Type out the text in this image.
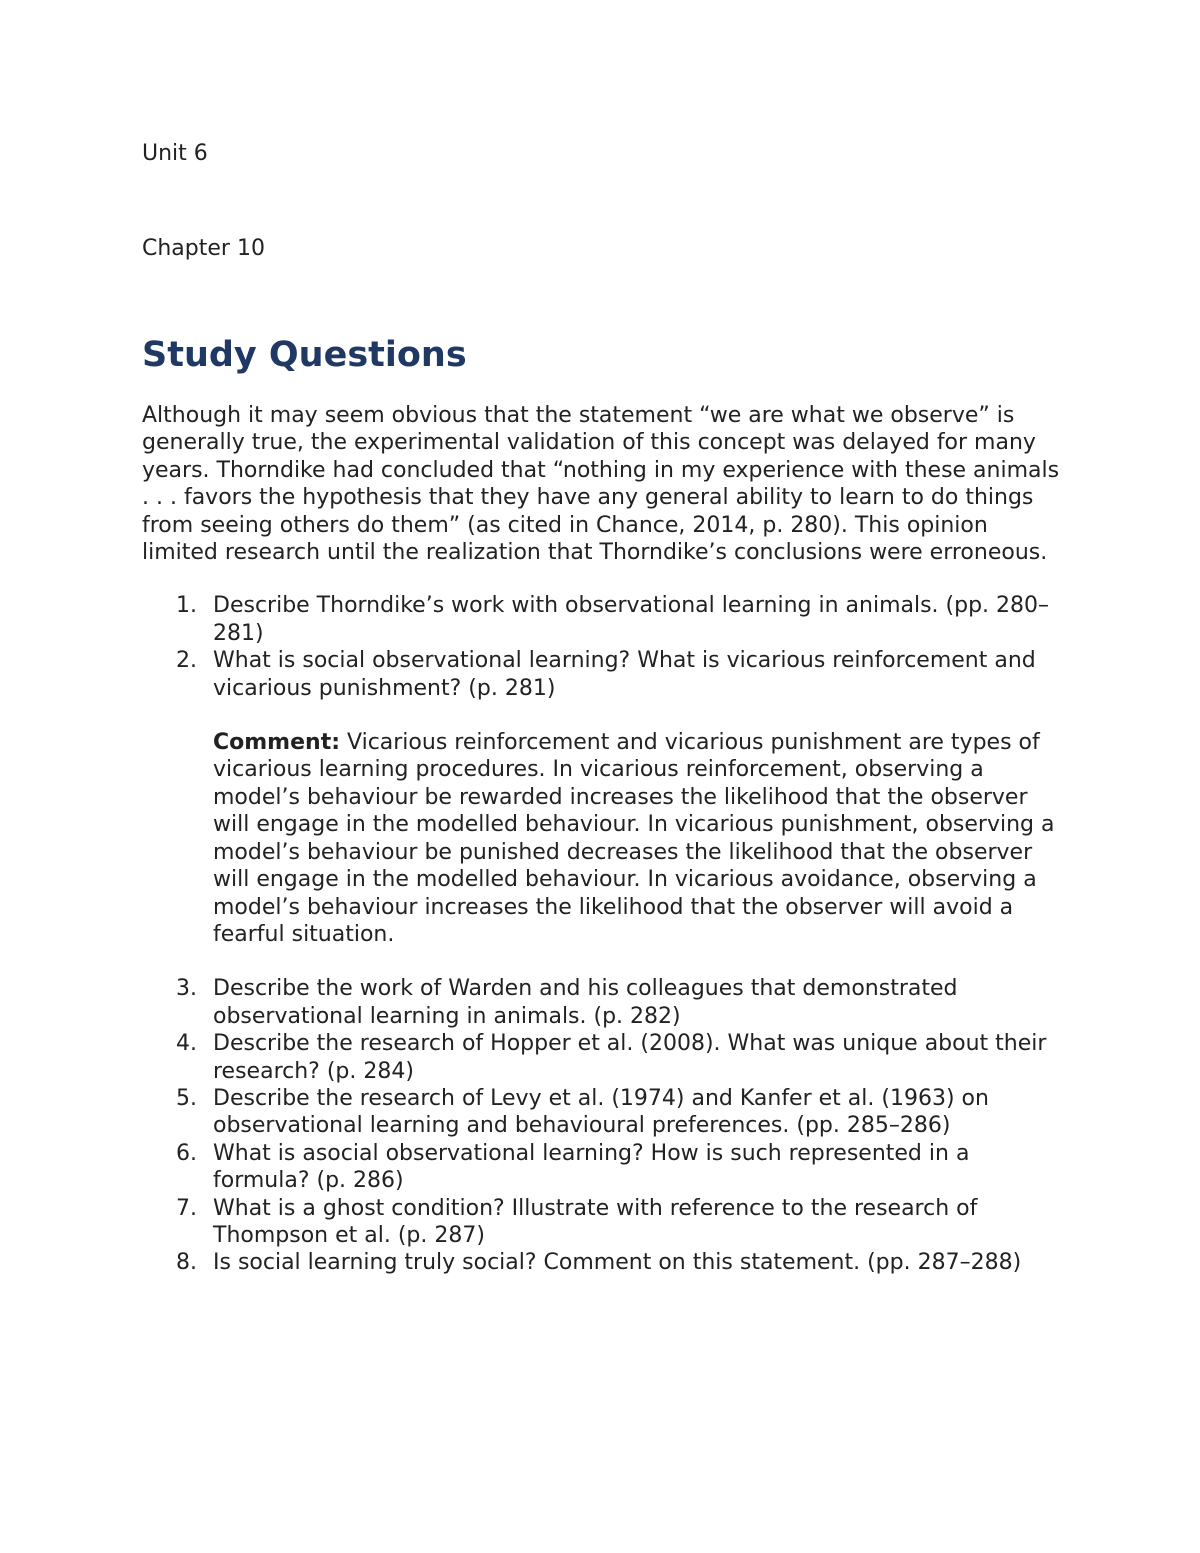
Unit 6

Chapter 10

Study Questions

Although it may seem obvious that the statement “we are what we observe” is generally true, the experimental validation of this concept was delayed for many years. Thorndike had concluded that “nothing in my experience with these animals . . . favors the hypothesis that they have any general ability to learn to do things from seeing others do them” (as cited in Chance, 2014, p. 280). This opinion limited research until the realization that Thorndike’s conclusions were erroneous.

1. Describe Thorndike’s work with observational learning in animals. (pp. 280–281)
2. What is social observational learning? What is vicarious reinforcement and vicarious punishment? (p. 281)
Comment: Vicarious reinforcement and vicarious punishment are types of vicarious learning procedures. In vicarious reinforcement, observing a model’s behaviour be rewarded increases the likelihood that the observer will engage in the modelled behaviour. In vicarious punishment, observing a model’s behaviour be punished decreases the likelihood that the observer will engage in the modelled behaviour. In vicarious avoidance, observing a model’s behaviour increases the likelihood that the observer will avoid a fearful situation.
3. Describe the work of Warden and his colleagues that demonstrated observational learning in animals. (p. 282)
4. Describe the research of Hopper et al. (2008). What was unique about their research? (p. 284)
5. Describe the research of Levy et al. (1974) and Kanfer et al. (1963) on observational learning and behavioural preferences. (pp. 285–286)
6. What is asocial observational learning? How is such represented in a formula? (p. 286)
7. What is a ghost condition? Illustrate with reference to the research of Thompson et al. (p. 287)
8. Is social learning truly social? Comment on this statement. (pp. 287–288)
